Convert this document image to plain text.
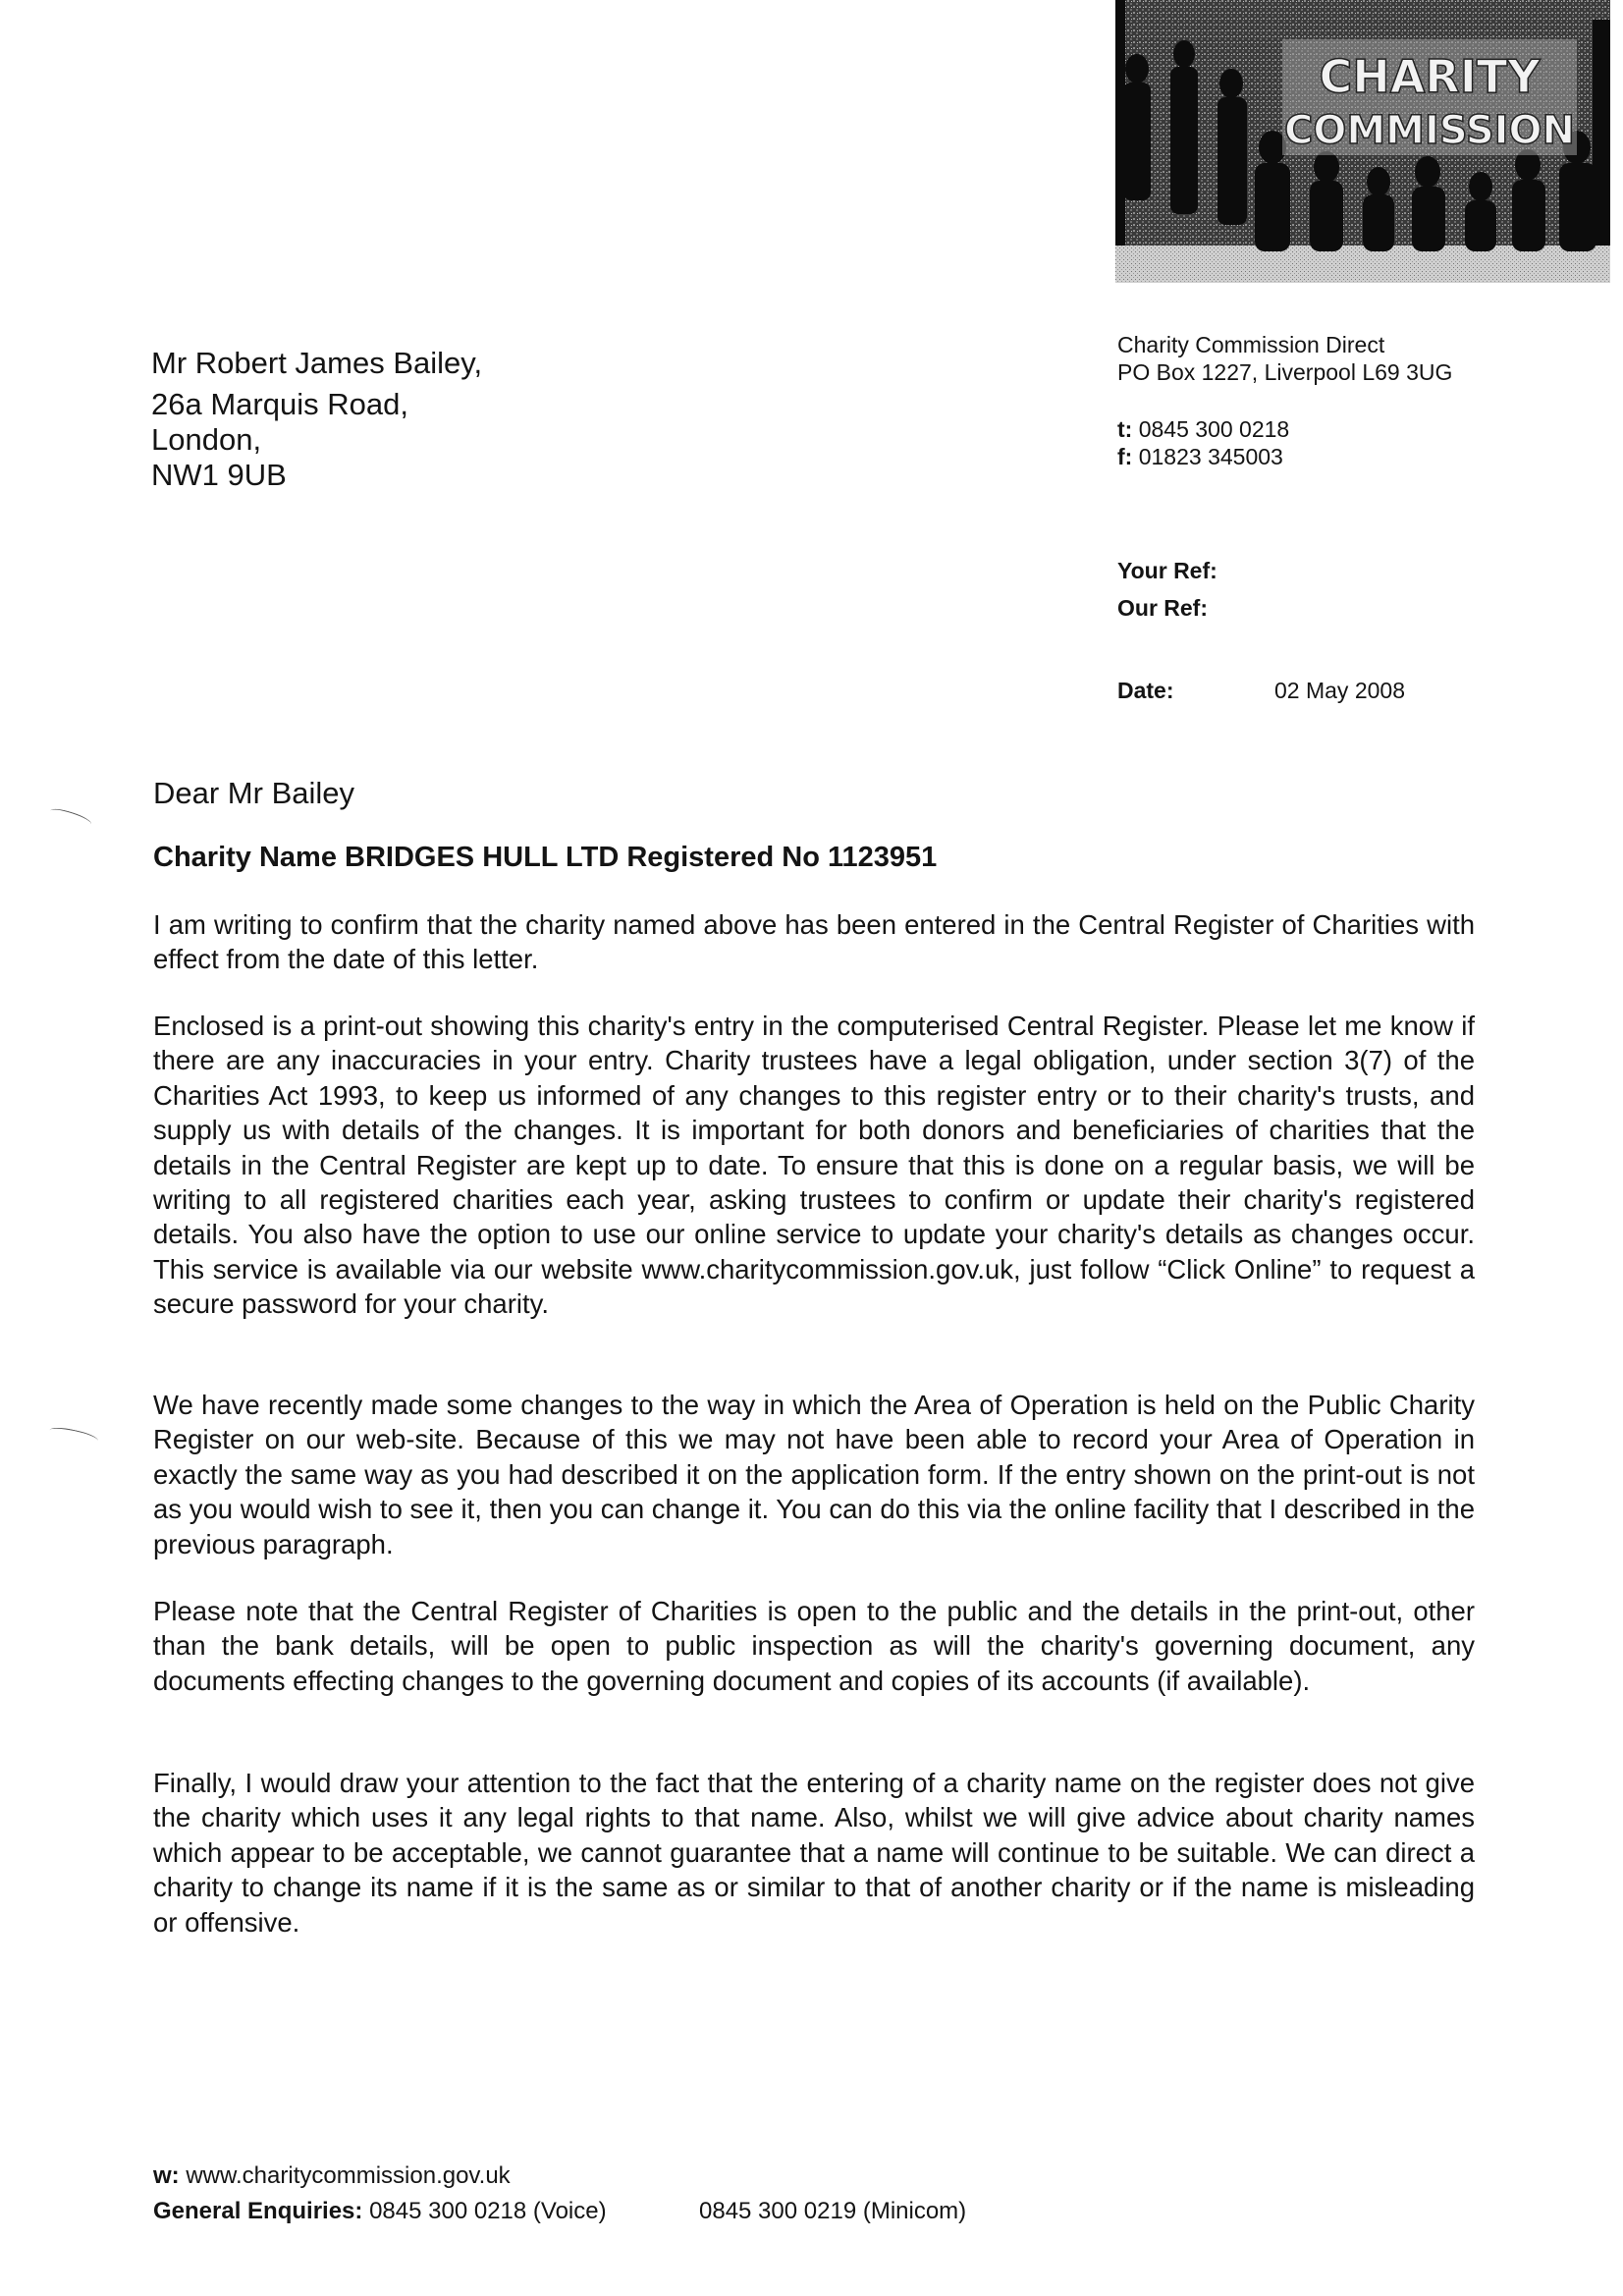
CHARITY
COMMISSION
Mr Robert James Bailey,
26a Marquis Road,
London,
NW1 9UB
Charity Commission Direct
PO Box 1227, Liverpool L69 3UG
t: 0845 300 0218
f: 01823 345003
Your Ref:
Our Ref:
Date:	02 May 2008
Dear Mr Bailey
Charity Name BRIDGES HULL LTD Registered No 1123951

I am writing to confirm that the charity named above has been entered in the Central Register of Charities with effect from the date of this letter.

Enclosed is a print-out showing this charity's entry in the computerised Central Register. Please let me know if there are any inaccuracies in your entry. Charity trustees have a legal obligation, under section 3(7) of the Charities Act 1993, to keep us informed of any changes to this register entry or to their charity's trusts, and supply us with details of the changes. It is important for both donors and beneficiaries of charities that the details in the Central Register are kept up to date. To ensure that this is done on a regular basis, we will be writing to all registered charities each year, asking trustees to confirm or update their charity's registered details. You also have the option to use our online service to update your charity's details as changes occur. This service is available via our website www.charitycommission.gov.uk, just follow “Click Online” to request a secure password for your charity.

We have recently made some changes to the way in which the Area of Operation is held on the Public Charity Register on our web-site. Because of this we may not have been able to record your Area of Operation in exactly the same way as you had described it on the application form. If the entry shown on the print-out is not as you would wish to see it, then you can change it. You can do this via the online facility that I described in the previous paragraph.

Please note that the Central Register of Charities is open to the public and the details in the print-out, other than the bank details, will be open to public inspection as will the charity's governing document, any documents effecting changes to the governing document and copies of its accounts (if available).

Finally, I would draw your attention to the fact that the entering of a charity name on the register does not give the charity which uses it any legal rights to that name. Also, whilst we will give advice about charity names which appear to be acceptable, we cannot guarantee that a name will continue to be suitable. We can direct a charity to change its name if it is the same as or similar to that of another charity or if the name is misleading or offensive.

w: www.charitycommission.gov.uk
General Enquiries: 0845 300 0218 (Voice)	0845 300 0219 (Minicom)
